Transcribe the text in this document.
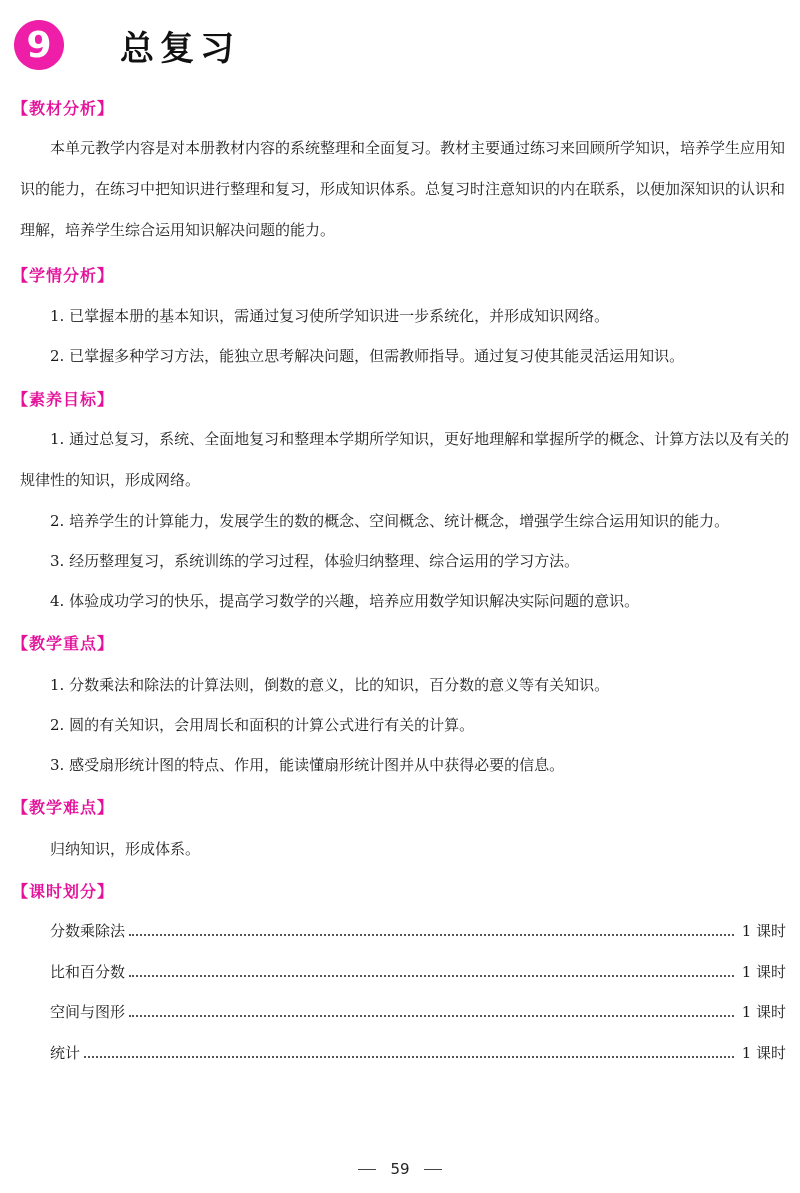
9	总复习
【教材分析】
本单元教学内容是对本册教材内容的系统整理和全面复习。教材主要通过练习来回顾所学知识，培养学生应用知识的能力，在练习中把知识进行整理和复习，形成知识体系。总复习时注意知识的内在联系，以便加深知识的认识和理解，培养学生综合运用知识解决问题的能力。
【学情分析】
1. 已掌握本册的基本知识，需通过复习使所学知识进一步系统化，并形成知识网络。
2. 已掌握多种学习方法，能独立思考解决问题，但需教师指导。通过复习使其能灵活运用知识。
【素养目标】
1. 通过总复习，系统、全面地复习和整理本学期所学知识，更好地理解和掌握所学的概念、计算方法以及有关的规律性的知识，形成网络。
2. 培养学生的计算能力，发展学生的数的概念、空间概念、统计概念，增强学生综合运用知识的能力。
3. 经历整理复习，系统训练的学习过程，体验归纳整理、综合运用的学习方法。
4. 体验成功学习的快乐，提高学习数学的兴趣，培养应用数学知识解决实际问题的意识。
【教学重点】
1. 分数乘法和除法的计算法则，倒数的意义，比的知识，百分数的意义等有关知识。
2. 圆的有关知识，会用周长和面积的计算公式进行有关的计算。
3. 感受扇形统计图的特点、作用，能读懂扇形统计图并从中获得必要的信息。
【教学难点】
归纳知识，形成体系。
【课时划分】
分数乘除法	1 课时
比和百分数	1 课时
空间与图形	1 课时
统计	1 课时
59
